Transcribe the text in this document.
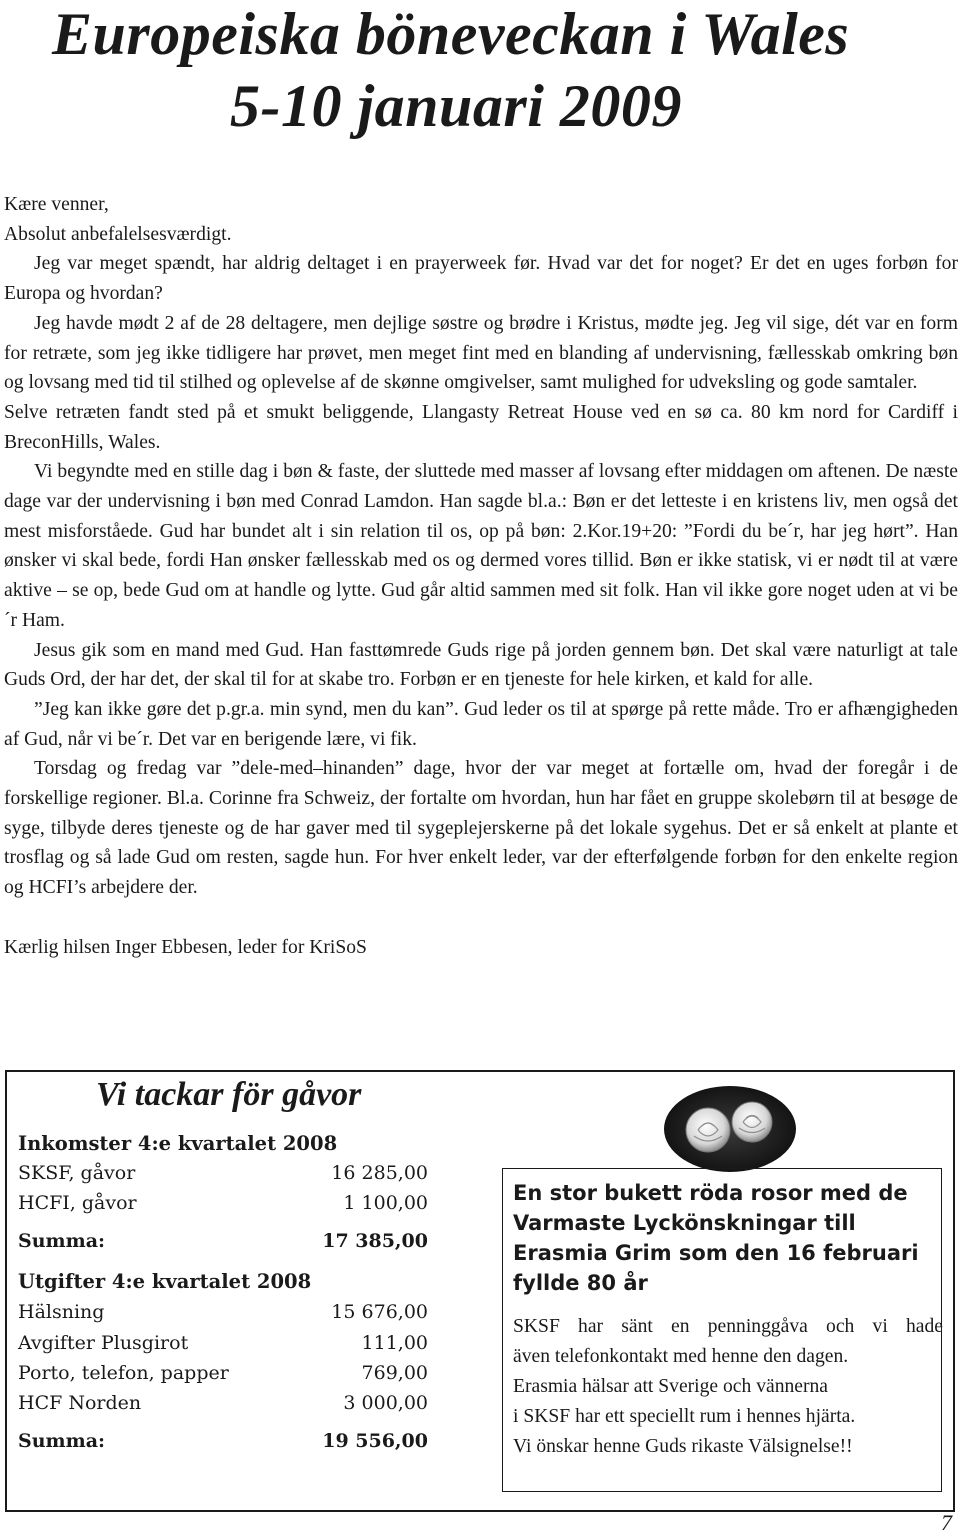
Europeiska böneveckan i Wales
5-10 januari 2009

Kære venner,

Absolut anbefalelsesværdigt.

Jeg var meget spændt, har aldrig deltaget i en prayerweek før. Hvad var det for noget? Er det en uges forbøn for Europa og hvordan?

Jeg havde mødt 2 af de 28 deltagere, men dejlige søstre og brødre i Kristus, mødte jeg. Jeg vil sige, dét var en form for retræte, som jeg ikke tidligere har prøvet, men meget fint med en blanding af undervisning, fællesskab omkring bøn og lovsang med tid til stilhed og oplevelse af de skønne omgivelser, samt mulighed for udveksling og gode samtaler.

Selve retræten fandt sted på et smukt beliggende, Llangasty Retreat House ved en sø ca. 80 km nord for Cardiff i BreconHills, Wales.

Vi begyndte med en stille dag i bøn & faste, der sluttede med masser af lovsang efter middagen om aftenen. De næste dage var der undervisning i bøn med Conrad Lamdon. Han sagde bl.a.: Bøn er det letteste i en kristens liv, men også det mest misforståede. Gud har bundet alt i sin relation til os, op på bøn: 2.Kor.19+20: ”Fordi du be´r, har jeg hørt”. Han ønsker vi skal bede, fordi Han ønsker fællesskab med os og dermed vores tillid. Bøn er ikke statisk, vi er nødt til at være aktive – se op, bede Gud om at handle og lytte. Gud går altid sammen med sit folk. Han vil ikke gore noget uden at vi be´r Ham.

Jesus gik som en mand med Gud. Han fasttømrede Guds rige på jorden gennem bøn. Det skal være naturligt at tale Guds Ord, der har det, der skal til for at skabe tro. Forbøn er en tjeneste for hele kirken, et kald for alle.

”Jeg kan ikke gøre det p.gr.a. min synd, men du kan”. Gud leder os til at spørge på rette måde. Tro er afhængigheden af Gud, når vi be´r. Det var en berigende lære, vi fik.

Torsdag og fredag var ”dele-med–hinanden” dage, hvor der var meget at fortælle om, hvad der foregår i de forskellige regioner. Bl.a. Corinne fra Schweiz, der fortalte om hvordan, hun har fået en gruppe skolebørn til at besøge de syge, tilbyde deres tjeneste og de har gaver med til sygeplejerskerne på det lokale sygehus. Det er så enkelt at plante et trosflag og så lade Gud om resten, sagde hun. For hver enkelt leder, var der efterfølgende forbøn for den enkelte region og HCFI’s arbejdere der.

Kærlig hilsen Inger Ebbesen, leder for KriSoS

Vi tackar för gåvor
Inkomster 4:e kvartalet 2008
SKSF, gåvor	16 285,00
HCFI, gåvor	1 100,00
Summa:	17 385,00
Utgifter 4:e kvartalet 2008
Hälsning	15 676,00
Avgifter Plusgirot	111,00
Porto, telefon, papper	769,00
HCF Norden	3 000,00
Summa:	19 556,00

En stor bukett röda rosor med de Varmaste Lyckönskningar till Erasmia Grim som den 16 februari fyllde 80 år

SKSF har sänt en penninggåva och vi hade
även telefonkontakt med henne den dagen.
Erasmia hälsar att Sverige och vännerna
i SKSF har ett speciellt rum i hennes hjärta.
Vi önskar henne Guds rikaste Välsignelse!!

7
